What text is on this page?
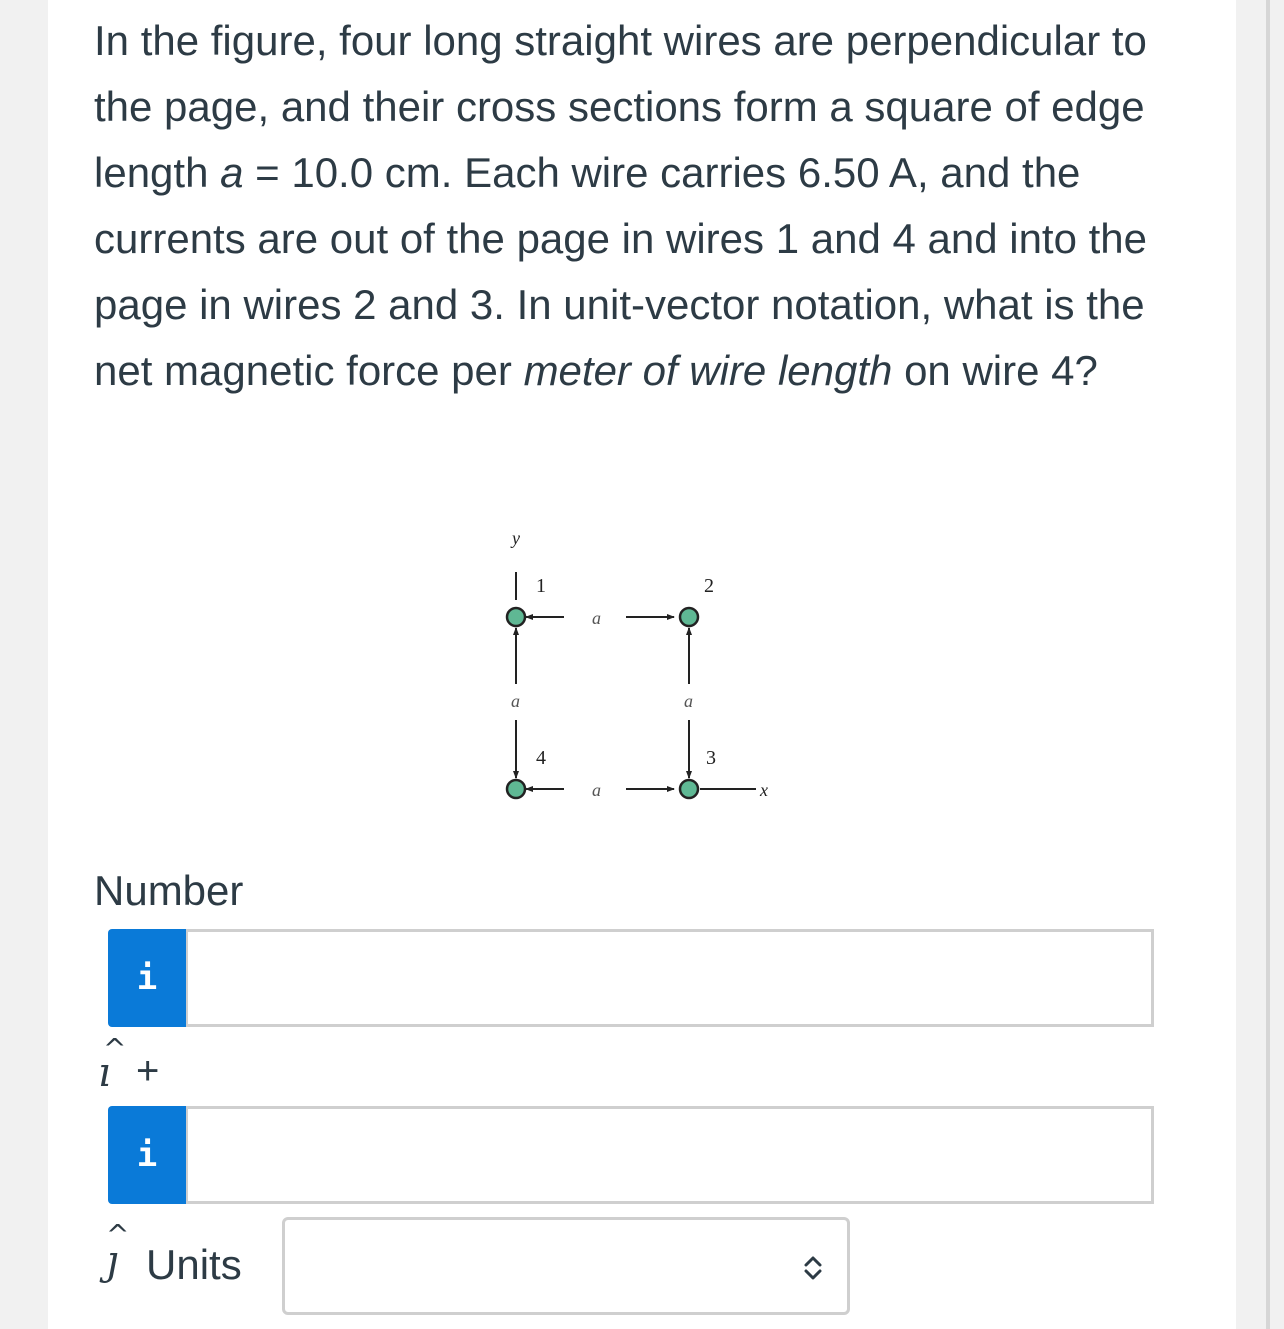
In the figure, four long straight wires are perpendicular to the page, and their cross sections form a square of edge length a = 10.0 cm. Each wire carries 6.50 A, and the currents are out of the page in wires 1 and 4 and into the page in wires 2 and 3. In unit-vector notation, what is the net magnetic force per meter of wire length on wire 4?

y
a
a
a	a
x
1	2
3
4
Number
i
ı
^
+
i
ȷ
^
Units
